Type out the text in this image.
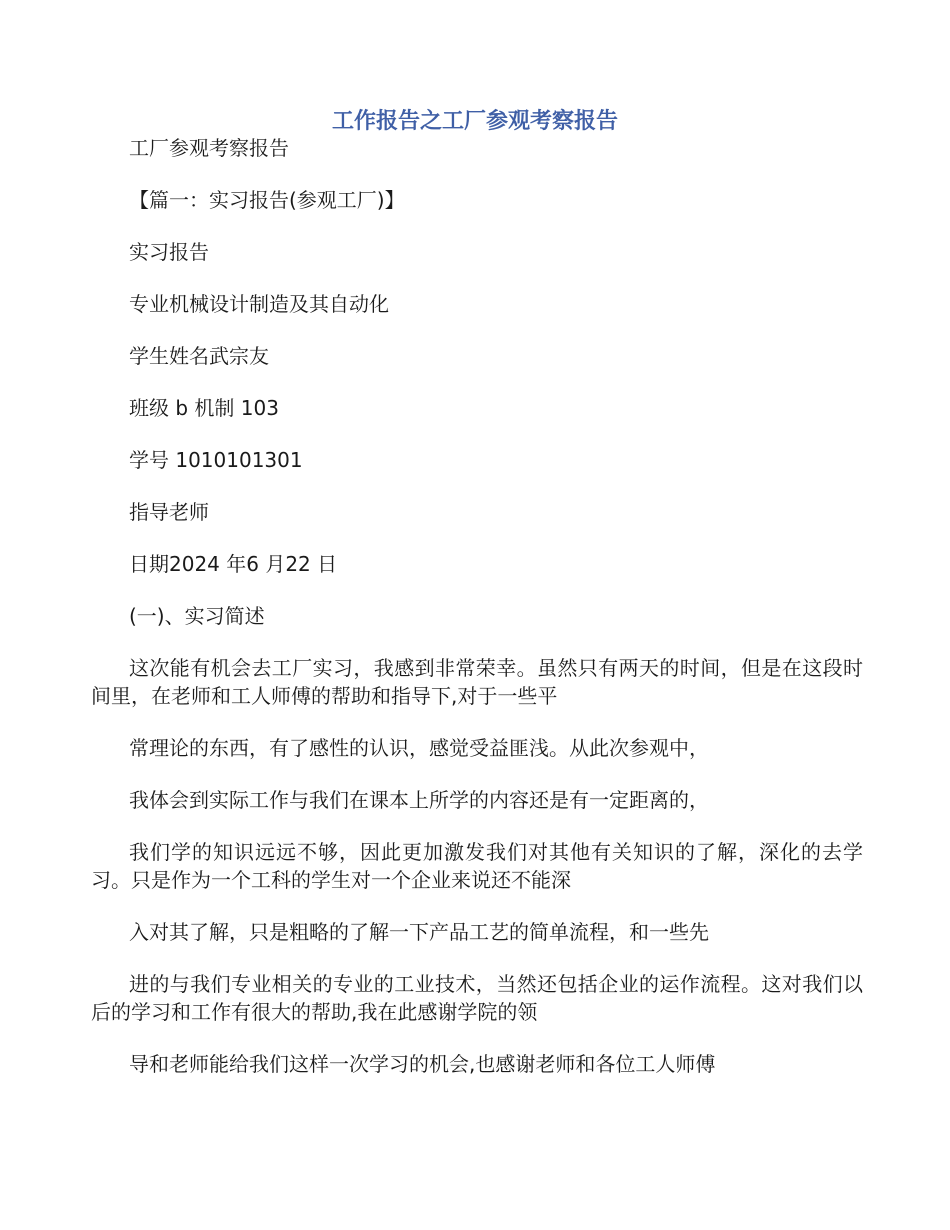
工作报告之工厂参观考察报告

工厂参观考察报告

【篇一：实习报告(参观工厂)】

实习报告

专业机械设计制造及其自动化

学生姓名武宗友

班级 b 机制 103

学号 1010101301

指导老师

日期2024 年6 月22 日

(一)、实习简述

这次能有机会去工厂实习，我感到非常荣幸。虽然只有两天的时间，但是在这段时间里，在老师和工人师傅的帮助和指导下,对于一些平

常理论的东西，有了感性的认识，感觉受益匪浅。从此次参观中，

我体会到实际工作与我们在课本上所学的内容还是有一定距离的，

我们学的知识远远不够，因此更加激发我们对其他有关知识的了解，深化的去学习。只是作为一个工科的学生对一个企业来说还不能深

入对其了解，只是粗略的了解一下产品工艺的简单流程，和一些先

进的与我们专业相关的专业的工业技术，当然还包括企业的运作流程。这对我们以后的学习和工作有很大的帮助,我在此感谢学院的领

导和老师能给我们这样一次学习的机会,也感谢老师和各位工人师傅
